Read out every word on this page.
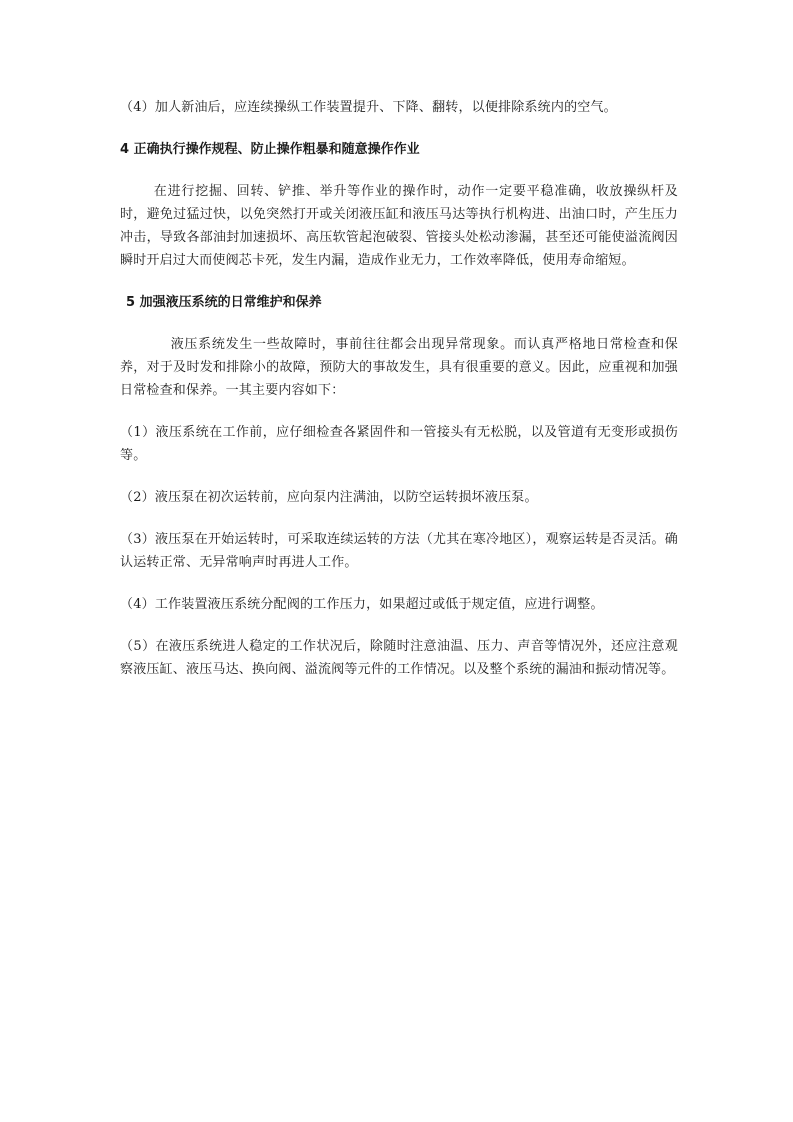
（4）加人新油后，应连续操纵工作装置提升、下降、翻转，以便排除系统内的空气。

4 正确执行操作规程、防止操作粗暴和随意操作作业

在进行挖掘、回转、铲推、举升等作业的操作时，动作一定要平稳准确，收放操纵杆及时，避免过猛过快，以免突然打开或关闭液压缸和液压马达等执行机构进、出油口时，产生压力冲击，导致各部油封加速损坏、高压软管起泡破裂、管接头处松动渗漏，甚至还可能使溢流阀因瞬时开启过大而使阀芯卡死，发生内漏，造成作业无力，工作效率降低，使用寿命缩短。

5 加强液压系统的日常维护和保养

液压系统发生一些故障时，事前往往都会出现异常现象。而认真严格地日常检查和保养，对于及时发和排除小的故障，预防大的事故发生，具有很重要的意义。因此，应重视和加强日常检查和保养。一其主要内容如下：

（1）液压系统在工作前，应仔细检查各紧固件和一管接头有无松脱，以及管道有无变形或损伤等。

（2）液压泵在初次运转前，应向泵内注满油，以防空运转损坏液压泵。

（3）液压泵在开始运转时，可采取连续运转的方法（尤其在寒冷地区），观察运转是否灵活。确认运转正常、无异常响声时再进人工作。

（4）工作装置液压系统分配阀的工作压力，如果超过或低于规定值，应进行调整。

（5）在液压系统进人稳定的工作状况后，除随时注意油温、压力、声音等情况外，还应注意观察液压缸、液压马达、换向阀、溢流阀等元件的工作情况。以及整个系统的漏油和振动情况等。
